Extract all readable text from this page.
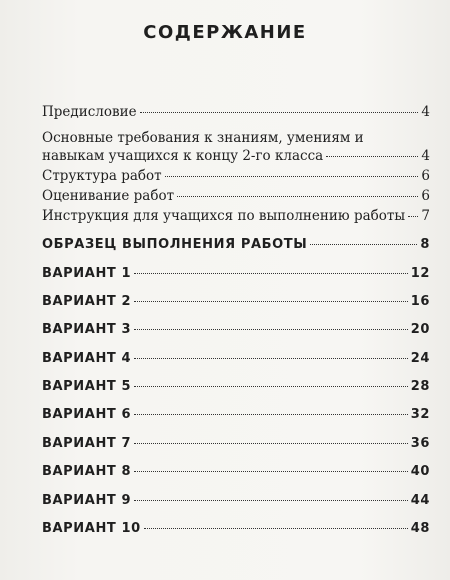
СОДЕРЖАНИЕ
Предисловие	4
Основные требования к знаниям, умениям и
навыкам учащихся к концу 2-го класса	4
Структура работ	6
Оценивание работ	6
Инструкция для учащихся по выполнению работы 7
ОБРАЗЕЦ ВЫПОЛНЕНИЯ РАБОТЫ	8
ВАРИАНТ 1	12
ВАРИАНТ 2	16
ВАРИАНТ 3	20
ВАРИАНТ 4	24
ВАРИАНТ 5	28
ВАРИАНТ 6	32
ВАРИАНТ 7	36
ВАРИАНТ 8	40
ВАРИАНТ 9	44
ВАРИАНТ 10	48
